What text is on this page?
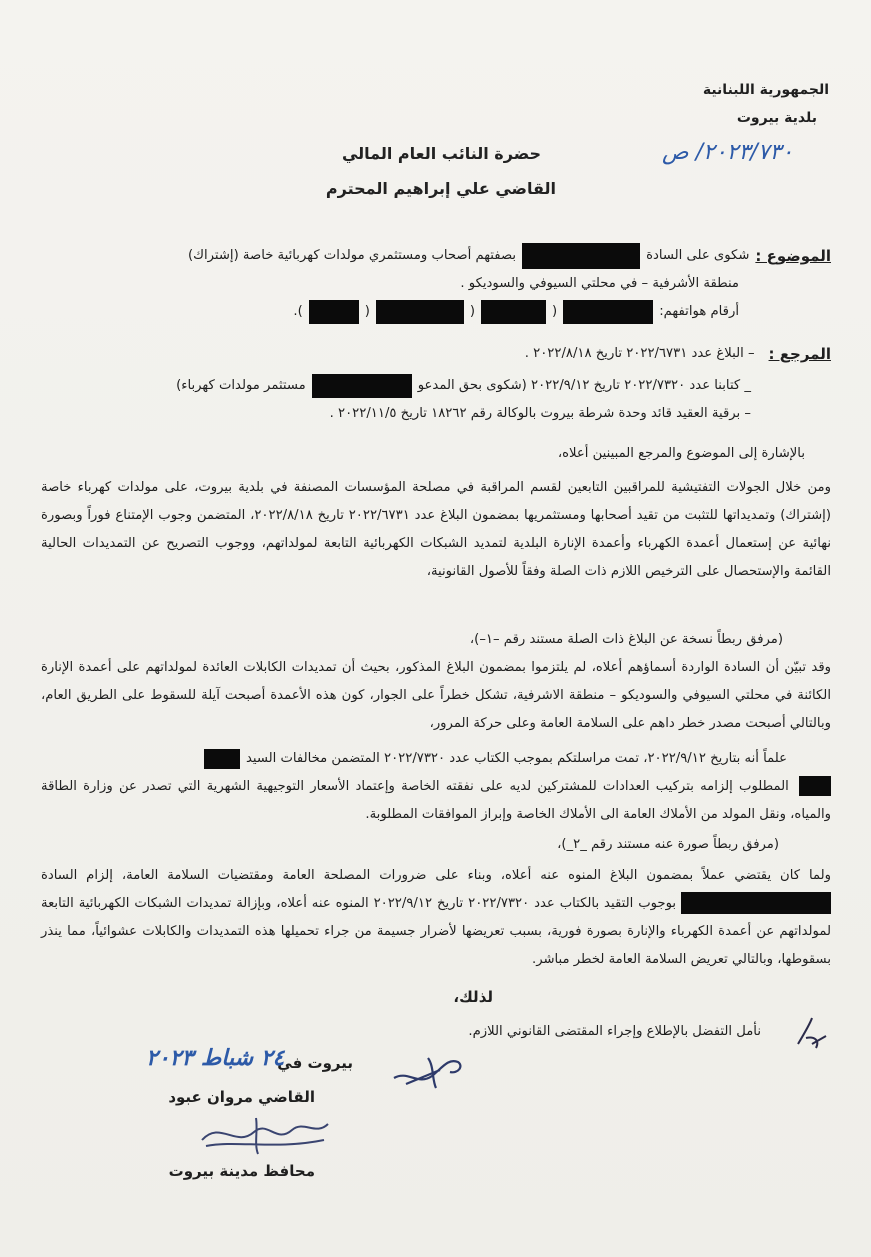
الجمهورية اللبنانية
بلدية بيروت
٢٠٢٣/٧٣٠/ ص
حضرة النائب العام المالي
القاضي علي إبراهيم المحترم
الموضوع :
شكوى على السادة
بصفتهم أصحاب ومستثمري مولدات كهربائية خاصة (إشتراك)
منطقة الأشرفية – في محلتي السيوفي والسوديكو .
أرقام هواتفهم:
(
(
(
).
المرجع :
– البلاغ عدد ٢٠٢٢/٦٧٣١ تاريخ ٢٠٢٢/٨/١٨ .
_ كتابنا عدد ٢٠٢٢/٧٣٢٠ تاريخ ٢٠٢٢/٩/١٢ (شكوى بحق المدعو
مستثمر مولدات كهرباء)
– برقية العقيد قائد وحدة شرطة بيروت بالوكالة رقم ١٨٢٦٢ تاريخ ٢٠٢٢/١١/٥ .
بالإشارة إلى الموضوع والمرجع المبينين أعلاه،
ومن خلال الجولات التفتيشية للمراقبين التابعين لقسم المراقبة في مصلحة المؤسسات المصنفة في بلدية بيروت، على مولدات كهرباء خاصة (إشتراك) وتمديداتها للتثبت من تقيد أصحابها ومستثمريها بمضمون البلاغ عدد ٢٠٢٢/٦٧٣١ تاريخ ٢٠٢٢/٨/١٨، المتضمن وجوب الإمتناع فوراً وبصورة نهائية عن إستعمال أعمدة الكهرباء وأعمدة الإنارة البلدية لتمديد الشبكات الكهربائية التابعة لمولداتهم، ووجوب التصريح عن التمديدات الحالية القائمة والإستحصال على الترخيص اللازم ذات الصلة وفقاً للأصول القانونية،
(مرفق ربطاً نسخة عن البلاغ ذات الصلة مستند رقم –١–)،
وقد تبيّن أن السادة الواردة أسماؤهم أعلاه، لم يلتزموا بمضمون البلاغ المذكور، بحيث أن تمديدات الكابلات العائدة لمولداتهم على أعمدة الإنارة الكائنة في محلتي السيوفي والسوديكو – منطقة الاشرفية، تشكل خطراً على الجوار، كون هذه الأعمدة أصبحت آيلة للسقوط على الطريق العام، وبالتالي أصبحت مصدر خطر داهم على السلامة العامة وعلى حركة المرور،
علماً أنه بتاريخ ٢٠٢٢/٩/١٢، تمت مراسلتكم بموجب الكتاب عدد ٢٠٢٢/٧٣٢٠ المتضمن مخالفات السيد
المطلوب إلزامه بتركيب العدادات للمشتركين لديه على نفقته الخاصة وإعتماد الأسعار التوجيهية الشهرية التي تصدر عن وزارة الطاقة والمياه، ونقل المولد من الأملاك العامة الى الأملاك الخاصة وإبراز الموافقات المطلوبة.
(مرفق ربطاً صورة عنه مستند رقم _٢_)،
ولما كان يقتضي عملاً بمضمون البلاغ المنوه عنه أعلاه، وبناء على ضرورات المصلحة العامة ومقتضيات السلامة العامة، إلزام السادة  بوجوب التقيد بالكتاب عدد ٢٠٢٢/٧٣٢٠ تاريخ ٢٠٢٢/٩/١٢ المنوه عنه أعلاه، وبإزالة تمديدات الشبكات الكهربائية التابعة لمولداتهم عن أعمدة الكهرباء والإنارة بصورة فورية، بسبب تعريضها لأضرار جسيمة من جراء تحميلها هذه التمديدات والكابلات عشوائياً، مما ينذر بسقوطها، وبالتالي تعريض السلامة العامة لخطر مباشر.
لذلك،
نأمل التفضل بالإطلاع وإجراء المقتضى القانوني اللازم.
بيروت في
٢٤ شباط ٢٠٢٣
القاضي مروان عبود
محافظ مدينة بيروت
